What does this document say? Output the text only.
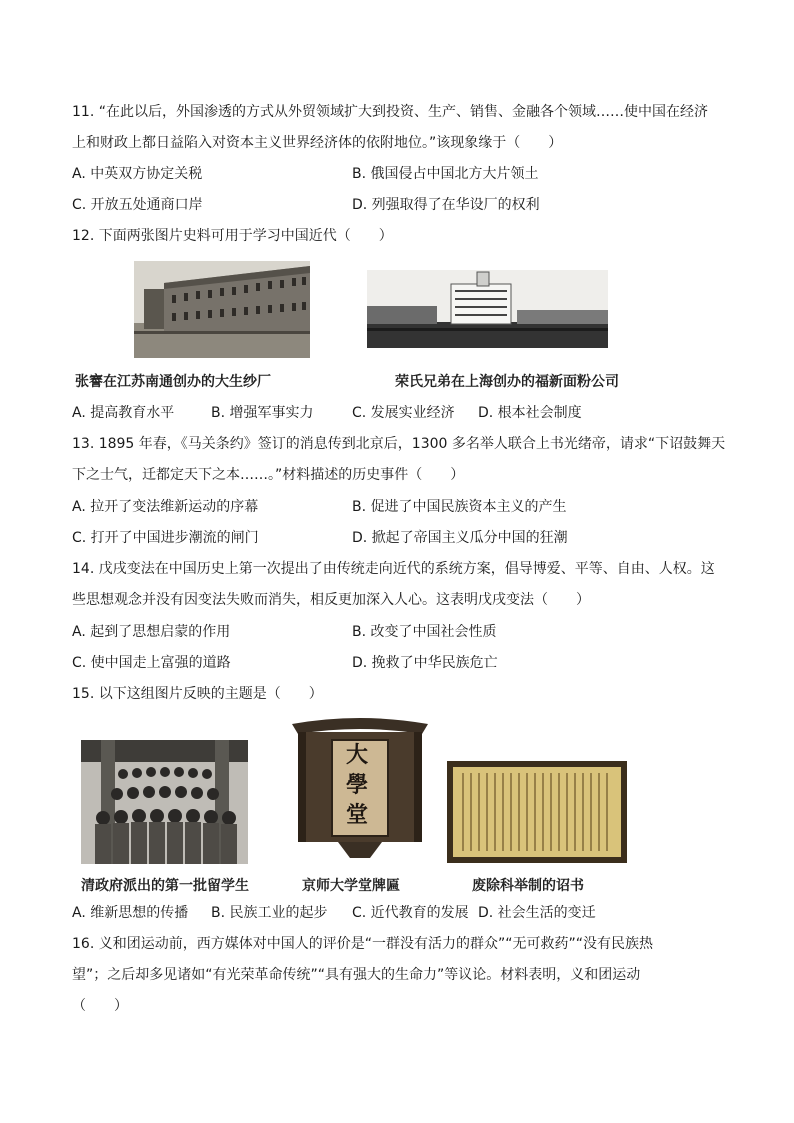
11. “在此以后，外国渗透的方式从外贸领域扩大到投资、生产、销售、金融各个领域……使中国在经济
上和财政上都日益陷入对资本主义世界经济体的依附地位。”该现象缘于（　　）
A. 中英双方协定关税	B. 俄国侵占中国北方大片领土
C. 开放五处通商口岸	D. 列强取得了在华设厂的权利
12. 下面两张图片史料可用于学习中国近代（　　）
张謇在江苏南通创办的大生纱厂	荣氏兄弟在上海创办的福新面粉公司
A. 提高教育水平	B. 增强军事实力	C. 发展实业经济 D. 根本社会制度
13. 1895 年春，《马关条约》签订的消息传到北京后，1300 多名举人联合上书光绪帝，请求“下诏鼓舞天
下之士气，迁都定天下之本……。”材料描述的历史事件（　　）
A. 拉开了变法维新运动的序幕	B. 促进了中国民族资本主义的产生
C. 打开了中国进步潮流的闸门	D. 掀起了帝国主义瓜分中国的狂潮
14. 戊戌变法在中国历史上第一次提出了由传统走向近代的系统方案，倡导博爱、平等、自由、人权。这
些思想观念并没有因变法失败而消失，相反更加深入人心。这表明戊戌变法（　　）
A. 起到了思想启蒙的作用	B. 改变了中国社会性质
C. 使中国走上富强的道路	D. 挽救了中华民族危亡
15. 以下这组图片反映的主题是（　　）
大
學
堂
清政府派出的第一批留学生	京师大学堂牌匾	废除科举制的诏书
A. 维新思想的传播 B. 民族工业的起步 C. 近代教育的发展 D. 社会生活的变迁
16. 义和团运动前，西方媒体对中国人的评价是“一群没有活力的群众”“无可救药”“没有民族热
望”；之后却多见诸如“有光荣革命传统”“具有强大的生命力”等议论。材料表明，义和团运动
（　　）
